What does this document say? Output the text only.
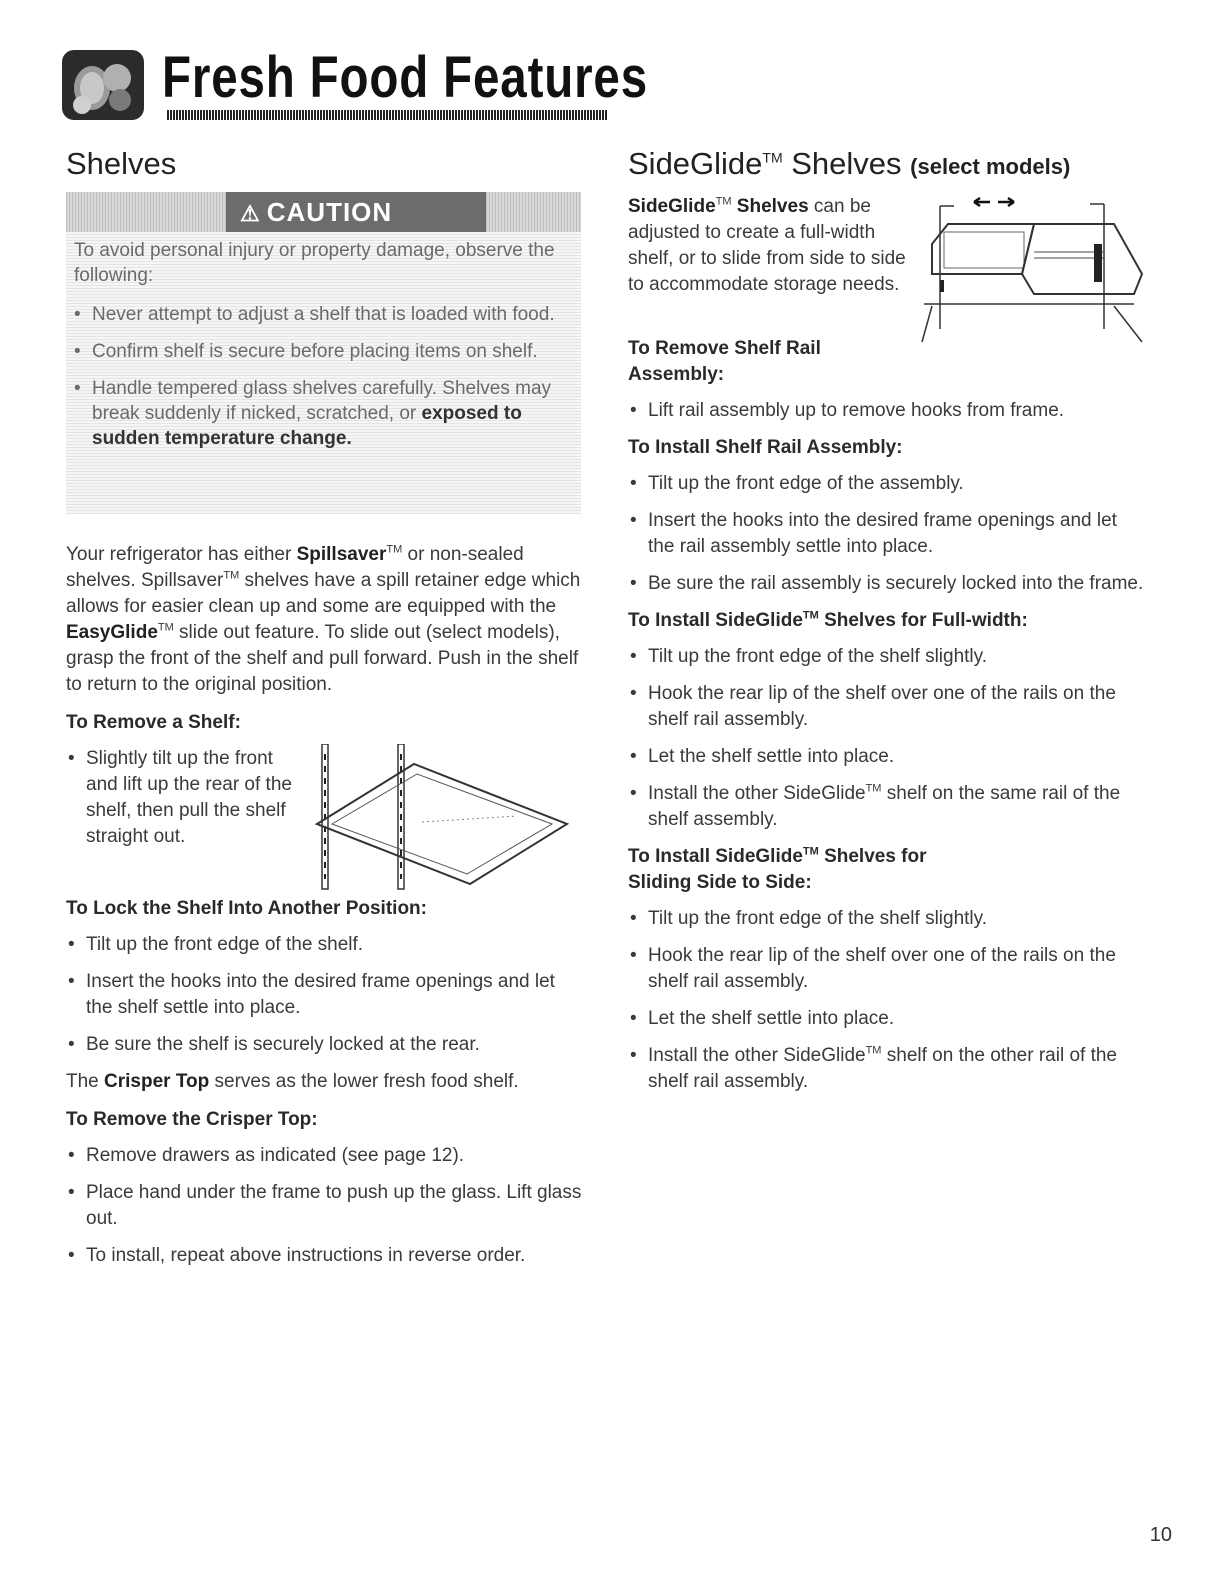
Fresh Food Features
Shelves
⚠ CAUTION

To avoid personal injury or property damage, observe the following:

• Never attempt to adjust a shelf that is loaded with food.
• Confirm shelf is secure before placing items on shelf.
• Handle tempered glass shelves carefully. Shelves may break suddenly if nicked, scratched, or exposed to sudden temperature change.

Your refrigerator has either Spillsaver™ or non-sealed shelves. Spillsaver™ shelves have a spill retainer edge which allows for easier clean up and some are equipped with the EasyGlide™ slide out feature. To slide out (select models), grasp the front of the shelf and pull forward. Push in the shelf to return to the original position.

To Remove a Shelf:

• Slightly tilt up the front and lift up the rear of the shelf, then pull the shelf straight out.

To Lock the Shelf Into Another Position:

• Tilt up the front edge of the shelf.
• Insert the hooks into the desired frame openings and let the shelf settle into place.
• Be sure the shelf is securely locked at the rear.

The Crisper Top serves as the lower fresh food shelf.

To Remove the Crisper Top:

• Remove drawers as indicated (see page 12).
• Place hand under the frame to push up the glass. Lift glass out.
• To install, repeat above instructions in reverse order.
SideGlide™ Shelves (select models)

SideGlide™ Shelves can be adjusted to create a full-width shelf, or to slide from side to side to accommodate storage needs.

To Remove Shelf Rail Assembly:

• Lift rail assembly up to remove hooks from frame.

To Install Shelf Rail Assembly:

• Tilt up the front edge of the assembly.
• Insert the hooks into the desired frame openings and let the rail assembly settle into place.
• Be sure the rail assembly is securely locked into the frame.

To Install SideGlide™ Shelves for Full-width:

• Tilt up the front edge of the shelf slightly.
• Hook the rear lip of the shelf over one of the rails on the shelf rail assembly.
• Let the shelf settle into place.
• Install the other SideGlide™ shelf on the same rail of the shelf assembly.

To Install SideGlide™ Shelves for
Sliding Side to Side:

• Tilt up the front edge of the shelf slightly.
• Hook the rear lip of the shelf over one of the rails on the shelf rail assembly.
• Let the shelf settle into place.
• Install the other SideGlide™ shelf on the other rail of the shelf rail assembly.
10
